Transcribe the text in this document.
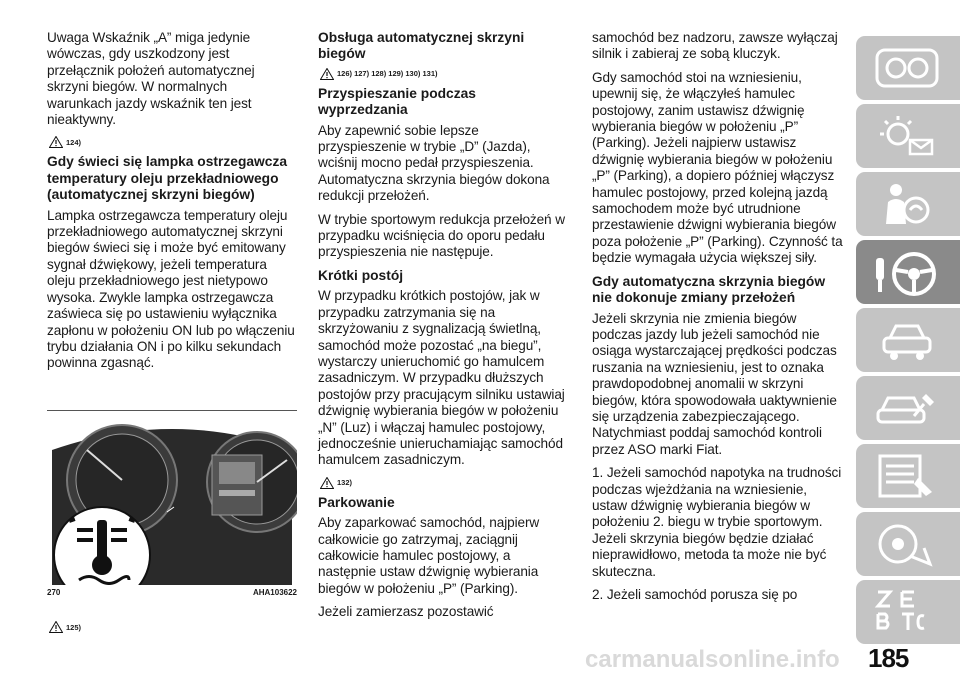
Uwaga Wskaźnik „A” miga jedynie wówczas, gdy uszkodzony jest przełącznik położeń automatycznej skrzyni biegów. W normalnych warunkach jazdy wskaźnik ten jest nieaktywny.

124)
Gdy świeci się lampka ostrzegawcza temperatury oleju przekładniowego (automatycznej skrzyni biegów)

Lampka ostrzegawcza temperatury oleju przekładniowego automatycznej skrzyni biegów świeci się i może być emitowany sygnał dźwiękowy, jeżeli temperatura oleju przekładniowego jest nietypowo wysoka. Zwykle lampka ostrzegawcza zaświeca się po ustawieniu wyłącznika zapłonu w położeniu ON lub po włączeniu trybu działania ON i po kilku sekundach powinna zgasnąć.

270	AHA103622
125)
Obsługa automatycznej skrzyni biegów
126) 127) 128) 129) 130) 131)
Przyspieszanie podczas wyprzedzania

Aby zapewnić sobie lepsze przyspieszenie w trybie „D” (Jazda), wciśnij mocno pedał przyspieszenia. Automatyczna skrzynia biegów dokona redukcji przełożeń.

W trybie sportowym redukcja przełożeń w przypadku wciśnięcia do oporu pedału przyspieszenia nie następuje.

Krótki postój

W przypadku krótkich postojów, jak w przypadku zatrzymania się na skrzyżowaniu z sygnalizacją świetlną, samochód może pozostać „na biegu”, wystarczy unieruchomić go hamulcem zasadniczym. W przypadku dłuższych postojów przy pracującym silniku ustawiaj dźwignię wybierania biegów w położeniu „N” (Luz) i włączaj hamulec postojowy, jednocześnie unieruchamiając samochód hamulcem zasadniczym.

132)
Parkowanie

Aby zaparkować samochód, najpierw całkowicie go zatrzymaj, zaciągnij całkowicie hamulec postojowy, a następnie ustaw dźwignię wybierania biegów w położeniu „P” (Parking).

Jeżeli zamierzasz pozostawić

samochód bez nadzoru, zawsze wyłączaj silnik i zabieraj ze sobą kluczyk.

Gdy samochód stoi na wzniesieniu, upewnij się, że włączyłeś hamulec postojowy, zanim ustawisz dźwignię wybierania biegów w położeniu „P” (Parking). Jeżeli najpierw ustawisz dźwignię wybierania biegów w położeniu „P” (Parking), a dopiero później włączysz hamulec postojowy, przed kolejną jazdą samochodem może być utrudnione przestawienie dźwigni wybierania biegów poza położenie „P” (Parking). Czynność ta będzie wymagała użycia większej siły.

Gdy automatyczna skrzynia biegów nie dokonuje zmiany przełożeń

Jeżeli skrzynia nie zmienia biegów podczas jazdy lub jeżeli samochód nie osiąga wystarczającej prędkości podczas ruszania na wzniesieniu, jest to oznaka prawdopodobnej anomalii w skrzyni biegów, która spowodowała uaktywnienie się urządzenia zabezpieczającego. Natychmiast poddaj samochód kontroli przez ASO marki Fiat.

1. Jeżeli samochód napotyka na trudności podczas wjeżdżania na wzniesienie, ustaw dźwignię wybierania biegów w położeniu 2. biegu w trybie sportowym. Jeżeli skrzynia biegów będzie działać nieprawidłowo, metoda ta może nie być skuteczna.

2. Jeżeli samochód porusza się po

185
carmanualsonline.info
